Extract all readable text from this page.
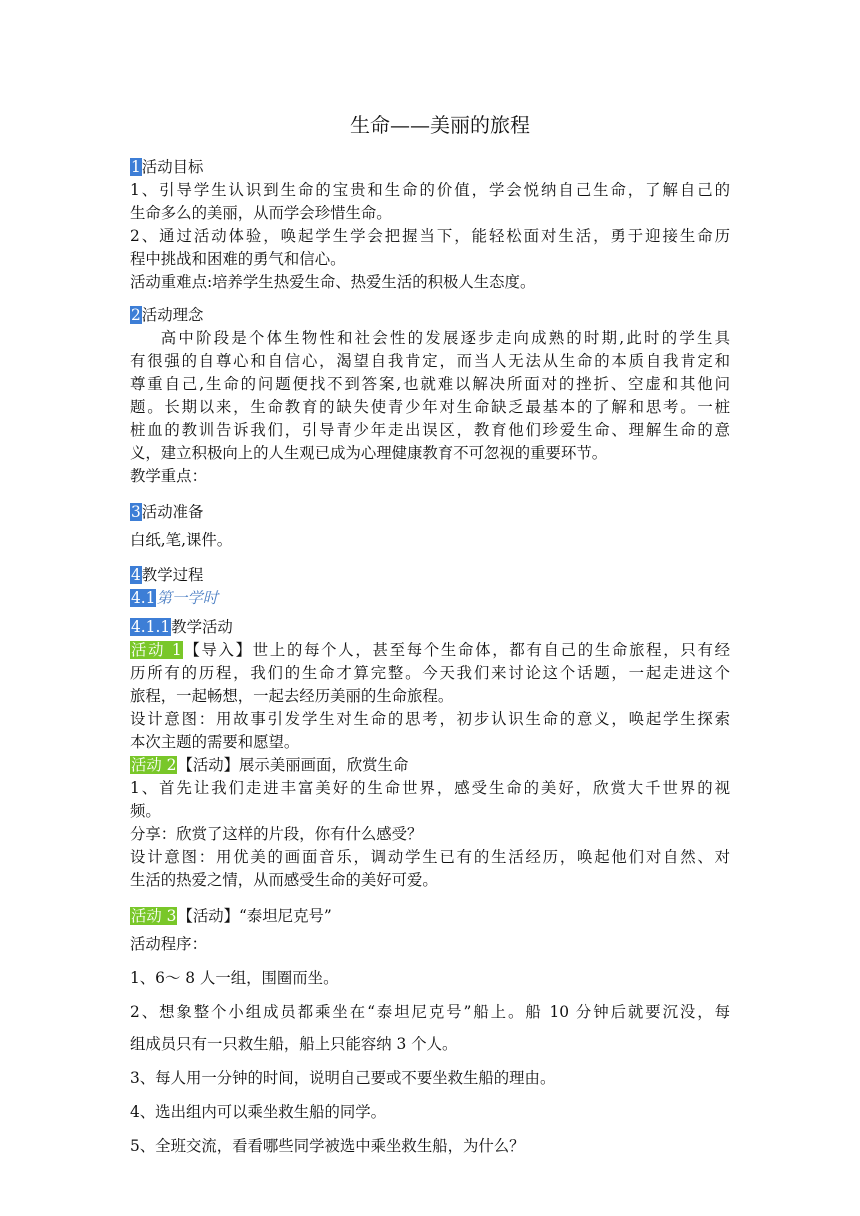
生命——美丽的旅程

1活动目标

1、引导学生认识到生命的宝贵和生命的价值，学会悦纳自己生命，了解自己的

生命多么的美丽，从而学会珍惜生命。

2、通过活动体验，唤起学生学会把握当下，能轻松面对生活，勇于迎接生命历

程中挑战和困难的勇气和信心。

活动重难点:培养学生热爱生命、热爱生活的积极人生态度。

2活动理念

高中阶段是个体生物性和社会性的发展逐步走向成熟的时期,此时的学生具

有很强的自尊心和自信心，渴望自我肯定，而当人无法从生命的本质自我肯定和

尊重自己,生命的问题便找不到答案,也就难以解决所面对的挫折、空虚和其他问

题。长期以来，生命教育的缺失使青少年对生命缺乏最基本的了解和思考。一桩

桩血的教训告诉我们，引导青少年走出误区，教育他们珍爱生命、理解生命的意

义，建立积极向上的人生观已成为心理健康教育不可忽视的重要环节。

教学重点：

3活动准备

白纸,笔,课件。

4教学过程

4.1第一学时

4.1.1教学活动

活动 1【导入】世上的每个人，甚至每个生命体，都有自己的生命旅程，只有经

历所有的历程，我们的生命才算完整。今天我们来讨论这个话题，一起走进这个

旅程，一起畅想，一起去经历美丽的生命旅程。

设计意图：用故事引发学生对生命的思考，初步认识生命的意义，唤起学生探索

本次主题的需要和愿望。

活动 2【活动】展示美丽画面，欣赏生命

1、首先让我们走进丰富美好的生命世界，感受生命的美好，欣赏大千世界的视

频。

分享：欣赏了这样的片段，你有什么感受？

设计意图：用优美的画面音乐，调动学生已有的生活经历，唤起他们对自然、对

生活的热爱之情，从而感受生命的美好可爱。

活动 3【活动】“泰坦尼克号”

活动程序：

1、6～ 8 人一组，围圈而坐。

2、想象整个小组成员都乘坐在“泰坦尼克号”船上。船 10 分钟后就要沉没，每

组成员只有一只救生船，船上只能容纳 3 个人。

3、每人用一分钟的时间，说明自己要或不要坐救生船的理由。

4、选出组内可以乘坐救生船的同学。

5、全班交流，看看哪些同学被选中乘坐救生船，为什么？
